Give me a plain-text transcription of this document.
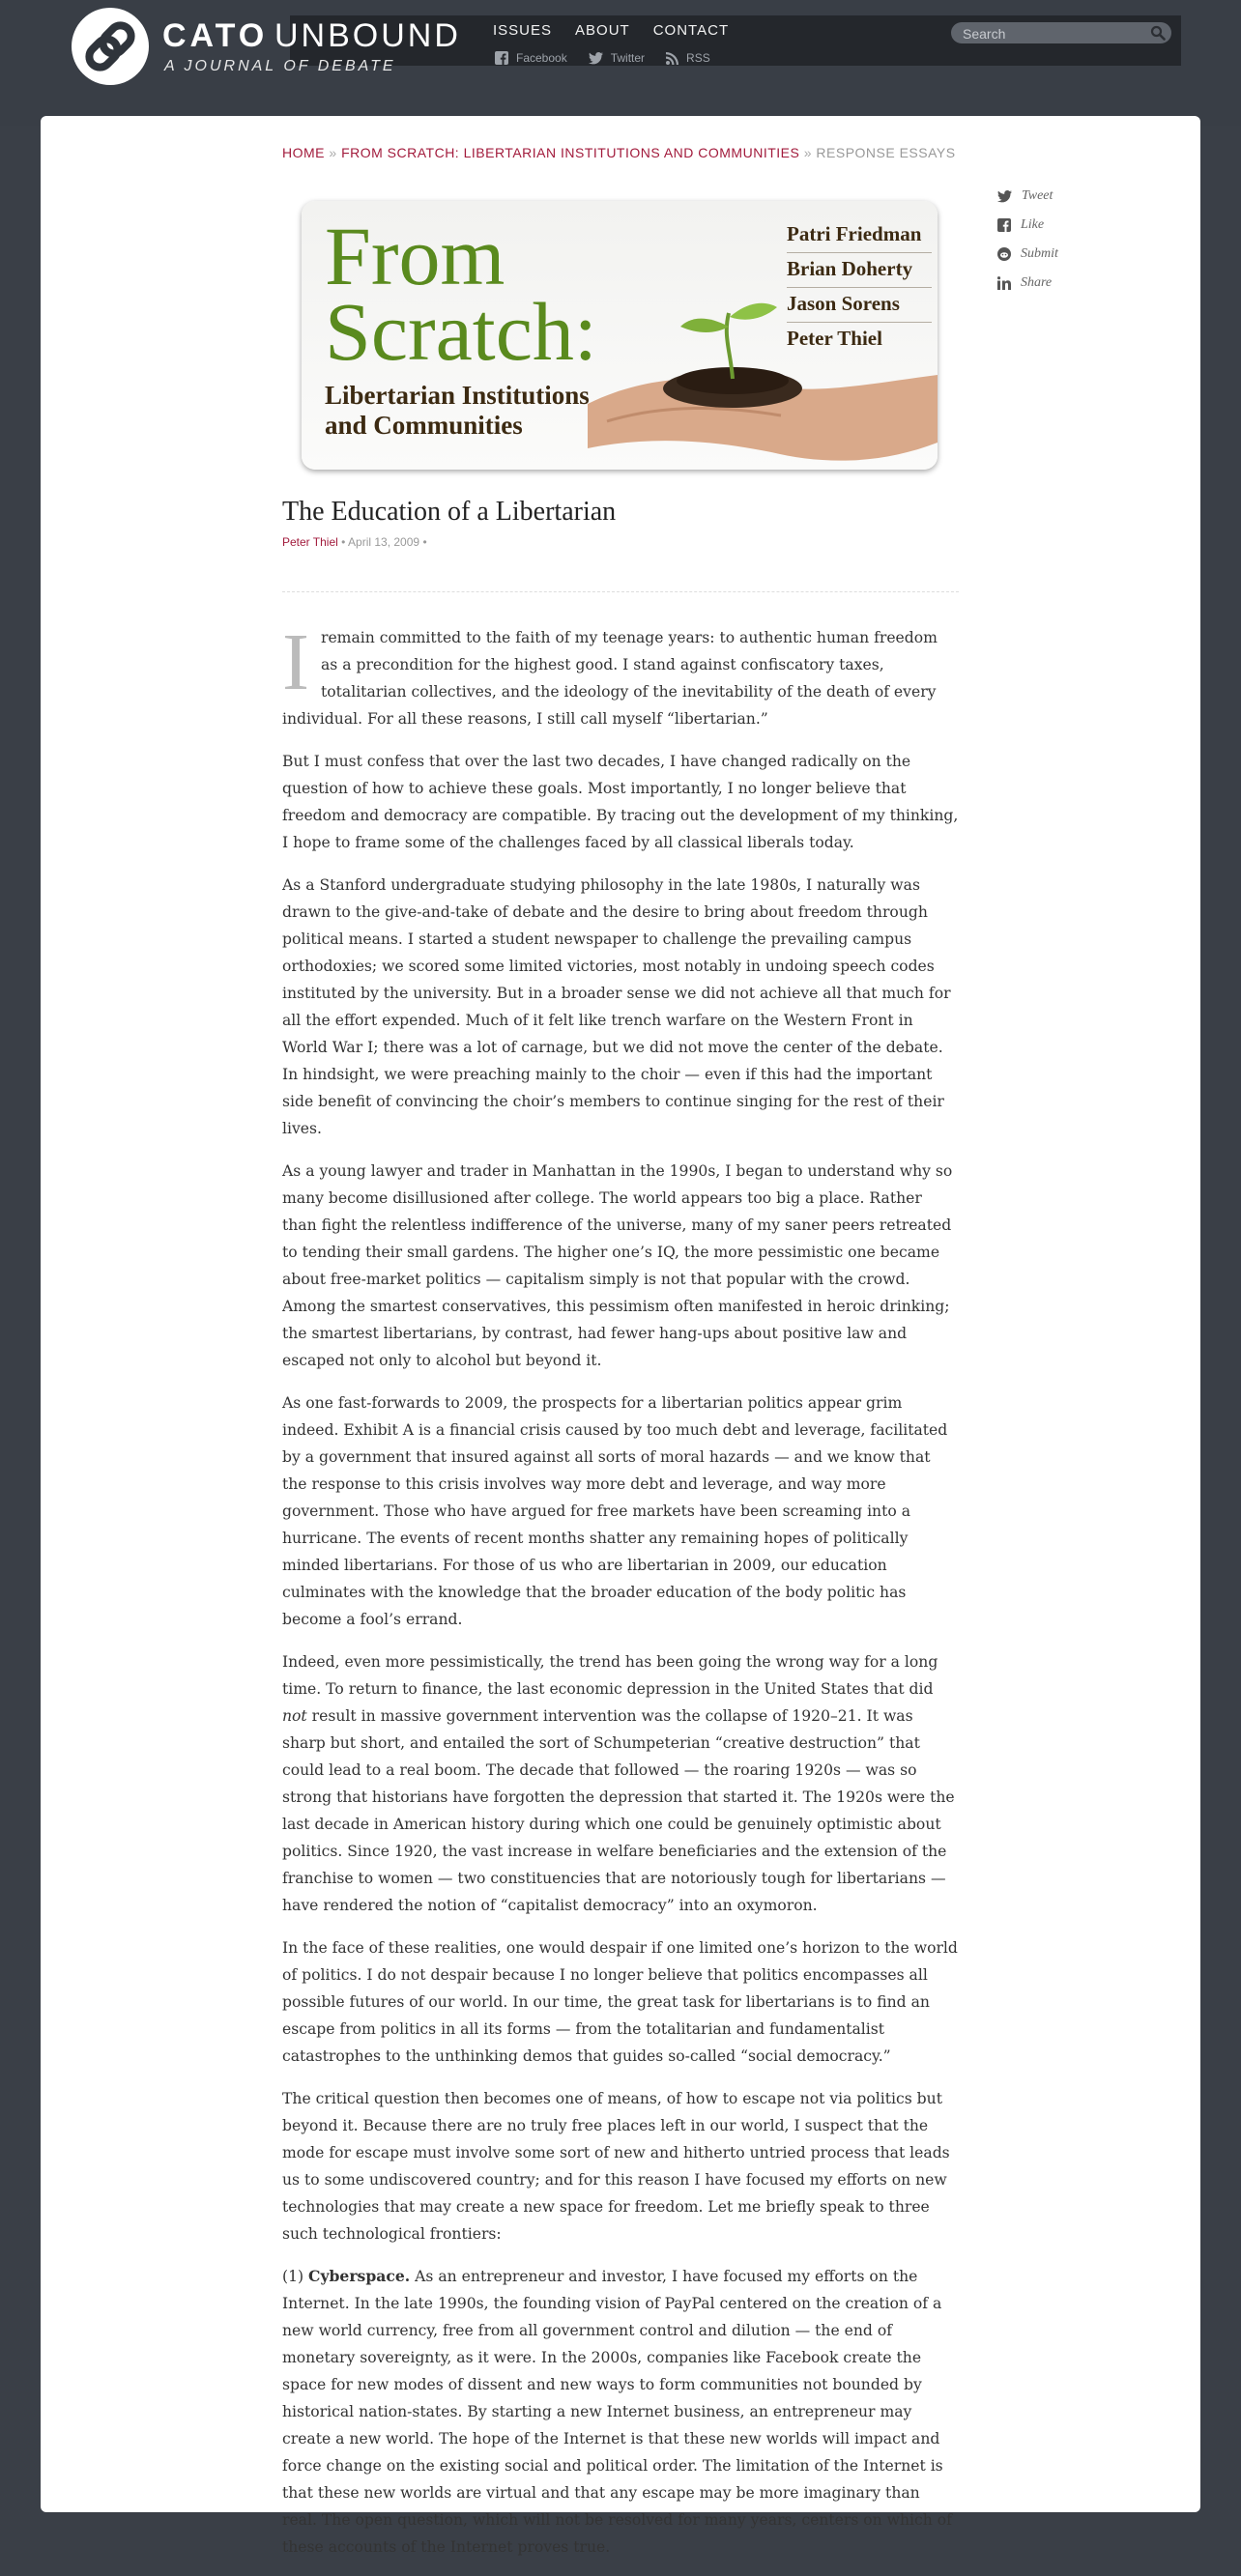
CATO UNBOUND
A JOURNAL OF DEBATE
ISSUES ABOUT CONTACT
Facebook	Twitter	RSS
Search
HOME » FROM SCRATCH: LIBERTARIAN INSTITUTIONS AND COMMUNITIES » RESPONSE ESSAYS
From
Scratch:
Libertarian Institutions
and Communities
Patri Friedman
Brian Doherty
Jason Sorens
Peter Thiel
Tweet
Like
Submit
Share
The Education of a Libertarian
Peter Thiel • April 13, 2009 •

Iremain committed to the faith of my teenage years: to authentic human freedom as a precondition for the highest good. I stand against confiscatory taxes, totalitarian collectives, and the ideology of the inevitability of the death of every individual. For all these reasons, I still call myself “libertarian.”

But I must confess that over the last two decades, I have changed radically on the question of how to achieve these goals. Most importantly, I no longer believe that freedom and democracy are compatible. By tracing out the development of my thinking, I hope to frame some of the challenges faced by all classical liberals today.

As a Stanford undergraduate studying philosophy in the late 1980s, I naturally was drawn to the give-and-take of debate and the desire to bring about freedom through political means. I started a student newspaper to challenge the prevailing campus orthodoxies; we scored some limited victories, most notably in undoing speech codes instituted by the university. But in a broader sense we did not achieve all that much for all the effort expended. Much of it felt like trench warfare on the Western Front in World War I; there was a lot of carnage, but we did not move the center of the debate. In hindsight, we were preaching mainly to the choir — even if this had the important side benefit of convincing the choir’s members to continue singing for the rest of their lives.

As a young lawyer and trader in Manhattan in the 1990s, I began to understand why so many become disillusioned after college. The world appears too big a place. Rather than fight the relentless indifference of the universe, many of my saner peers retreated to tending their small gardens. The higher one’s IQ, the more pessimistic one became about free-market politics — capitalism simply is not that popular with the crowd. Among the smartest conservatives, this pessimism often manifested in heroic drinking; the smartest libertarians, by contrast, had fewer hang-ups about positive law and escaped not only to alcohol but beyond it.

As one fast-forwards to 2009, the prospects for a libertarian politics appear grim indeed. Exhibit A is a financial crisis caused by too much debt and leverage, facilitated by a government that insured against all sorts of moral hazards — and we know that the response to this crisis involves way more debt and leverage, and way more government. Those who have argued for free markets have been screaming into a hurricane. The events of recent months shatter any remaining hopes of politically minded libertarians. For those of us who are libertarian in 2009, our education culminates with the knowledge that the broader education of the body politic has become a fool’s errand.

Indeed, even more pessimistically, the trend has been going the wrong way for a long time. To return to finance, the last economic depression in the United States that did not result in massive government intervention was the collapse of 1920–21. It was sharp but short, and entailed the sort of Schumpeterian “creative destruction” that could lead to a real boom. The decade that followed — the roaring 1920s — was so strong that historians have forgotten the depression that started it. The 1920s were the last decade in American history during which one could be genuinely optimistic about politics. Since 1920, the vast increase in welfare beneficiaries and the extension of the franchise to women — two constituencies that are notoriously tough for libertarians — have rendered the notion of “capitalist democracy” into an oxymoron.

In the face of these realities, one would despair if one limited one’s horizon to the world of politics. I do not despair because I no longer believe that politics encompasses all possible futures of our world. In our time, the great task for libertarians is to find an escape from politics in all its forms — from the totalitarian and fundamentalist catastrophes to the unthinking demos that guides so-called “social democracy.”

The critical question then becomes one of means, of how to escape not via politics but beyond it. Because there are no truly free places left in our world, I suspect that the mode for escape must involve some sort of new and hitherto untried process that leads us to some undiscovered country; and for this reason I have focused my efforts on new technologies that may create a new space for freedom. Let me briefly speak to three such technological frontiers:

(1) Cyberspace. As an entrepreneur and investor, I have focused my efforts on the Internet. In the late 1990s, the founding vision of PayPal centered on the creation of a new world currency, free from all government control and dilution — the end of monetary sovereignty, as it were. In the 2000s, companies like Facebook create the space for new modes of dissent and new ways to form communities not bounded by historical nation-states. By starting a new Internet business, an entrepreneur may create a new world. The hope of the Internet is that these new worlds will impact and force change on the existing social and political order. The limitation of the Internet is that these new worlds are virtual and that any escape may be more imaginary than real. The open question, which will not be resolved for many years, centers on which of these accounts of the Internet proves true.
